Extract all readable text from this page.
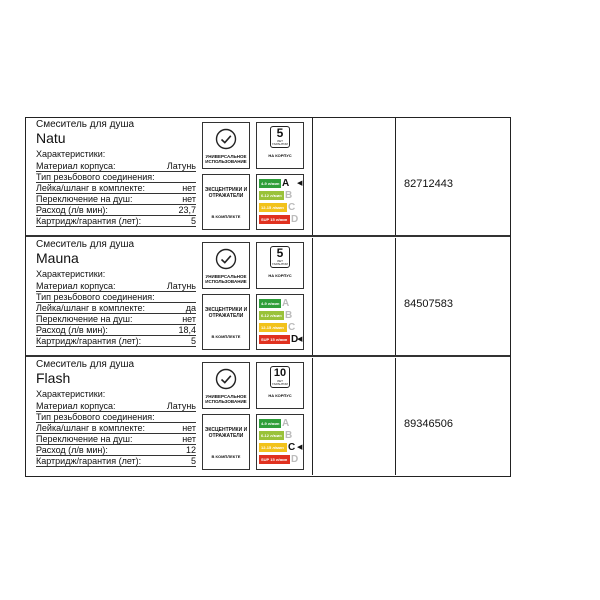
Смеситель для душа
Natu
Характеристики:
Материал корпуса:	Латунь
Тип резьбового соединения:
Лейка/шланг в комплекте:	нет
Переключение на душ:	нет
Расход (л/в мин):	23,7
Картридж/гарантия (лет):	5
УНИВЕРСАЛЬНОЕ ИСПОЛЬЗОВАНИЕ
5
ЛЕТ ГАРАНТИИ
НА КОРПУС
ЭКСЦЕНТРИКИ И ОТРАЖАТЕЛИ
В КОМПЛЕКТЕ
4-9 л/мин A ◀
6-12 л/мин B
12-15 л/мин C
SUP 15 л/мин D
82712443
Смеситель для душа
Mauna
Характеристики:
Материал корпуса:	Латунь
Тип резьбового соединения:
Лейка/шланг в комплекте:	да
Переключение на душ:	нет
Расход (л/в мин):	18,4
Картридж/гарантия (лет):	5
УНИВЕРСАЛЬНОЕ ИСПОЛЬЗОВАНИЕ
5
ЛЕТ ГАРАНТИИ
НА КОРПУС
ЭКСЦЕНТРИКИ И ОТРАЖАТЕЛИ
В КОМПЛЕКТЕ
4-9 л/мин A
6-12 л/мин B
12-15 л/мин C
SUP 15 л/мин D
◀
84507583
Смеситель для душа
Flash
Характеристики:
Материал корпуса:	Латунь
Тип резьбового соединения:
Лейка/шланг в комплекте:	нет
Переключение на душ:	нет
Расход (л/в мин):	12
Картридж/гарантия (лет):	5
УНИВЕРСАЛЬНОЕ ИСПОЛЬЗОВАНИЕ
10
ЛЕТ ГАРАНТИИ
НА КОРПУС
ЭКСЦЕНТРИКИ И ОТРАЖАТЕЛИ
В КОМПЛЕКТЕ
4-9 л/мин A
6-12 л/мин B
12-15 л/мин C ◀
SUP 15 л/мин D
89346506
